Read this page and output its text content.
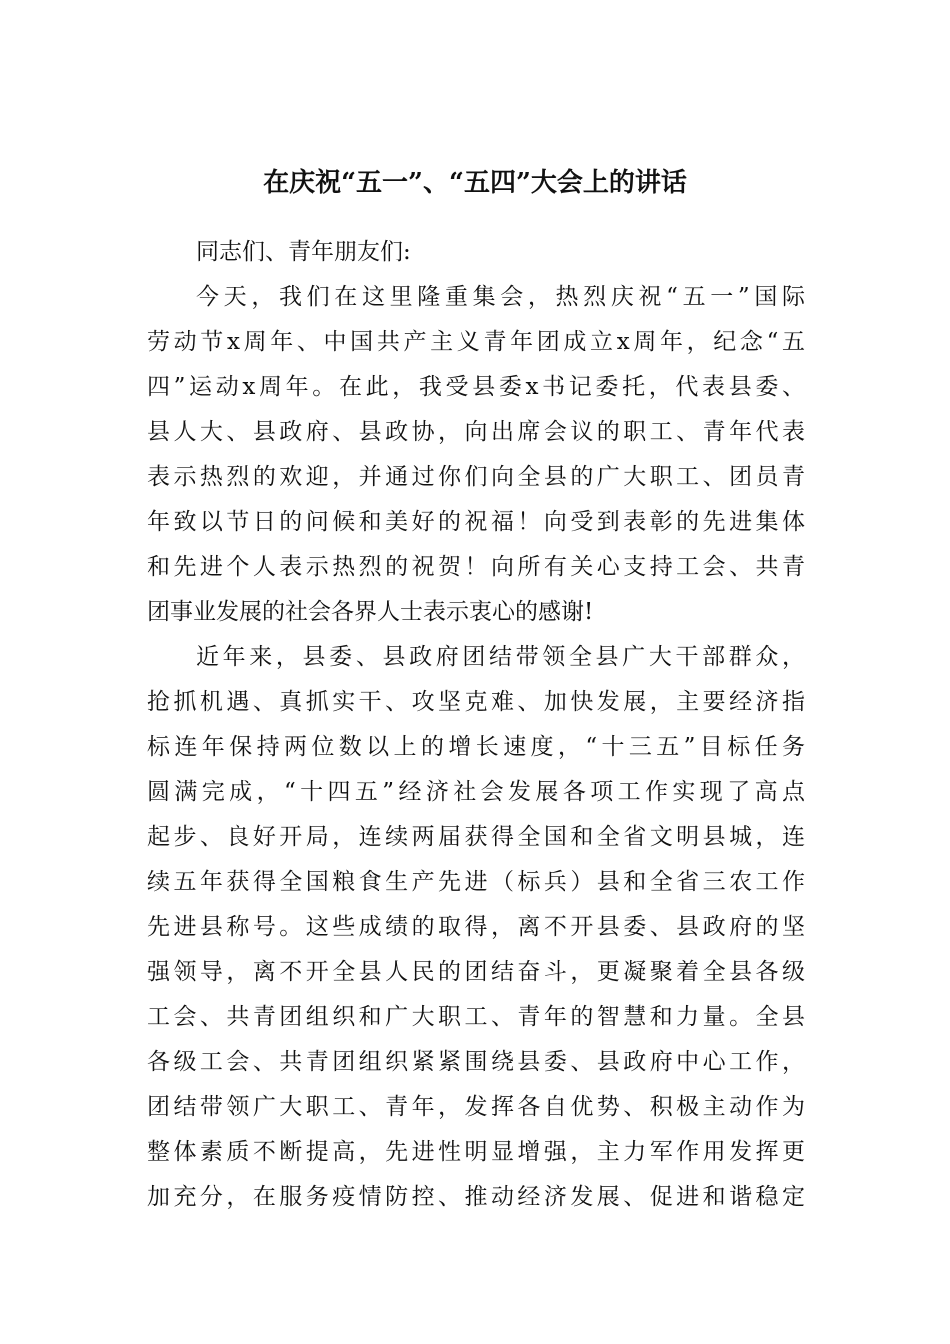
在庆祝“五一”、“五四”大会上的讲话
同志们、青年朋友们:
今天，我们在这里隆重集会，热烈庆祝“五一”国际
劳动节x周年、中国共产主义青年团成立x周年，纪念“五
四”运动x周年。在此，我受县委x书记委托，代表县委、
县人大、县政府、县政协，向出席会议的职工、青年代表
表示热烈的欢迎，并通过你们向全县的广大职工、团员青
年致以节日的问候和美好的祝福！向受到表彰的先进集体
和先进个人表示热烈的祝贺！向所有关心支持工会、共青
团事业发展的社会各界人士表示衷心的感谢!
近年来，县委、县政府团结带领全县广大干部群众，
抢抓机遇、真抓实干、攻坚克难、加快发展，主要经济指
标连年保持两位数以上的增长速度，“十三五”目标任务
圆满完成，“十四五”经济社会发展各项工作实现了高点
起步、良好开局，连续两届获得全国和全省文明县城，连
续五年获得全国粮食生产先进（标兵）县和全省三农工作
先进县称号。这些成绩的取得，离不开县委、县政府的坚
强领导，离不开全县人民的团结奋斗，更凝聚着全县各级
工会、共青团组织和广大职工、青年的智慧和力量。全县
各级工会、共青团组织紧紧围绕县委、县政府中心工作，
团结带领广大职工、青年，发挥各自优势、积极主动作为
整体素质不断提高，先进性明显增强，主力军作用发挥更
加充分，在服务疫情防控、推动经济发展、促进和谐稳定
